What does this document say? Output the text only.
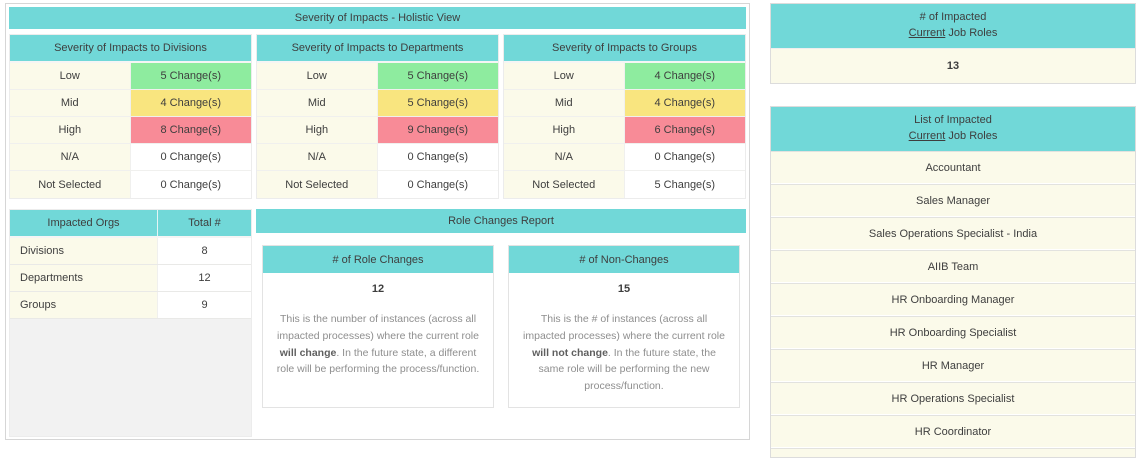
Severity of Impacts - Holistic View
Severity of Impacts to Divisions
Low	5 Change(s)
Mid	4 Change(s)
High	8 Change(s)
N/A	0 Change(s)
Not Selected	0 Change(s)
Severity of Impacts to Departments
Low	5 Change(s)
Mid	5 Change(s)
High	9 Change(s)
N/A	0 Change(s)
Not Selected	0 Change(s)
Severity of Impacts to Groups
Low	4 Change(s)
Mid	4 Change(s)
High	6 Change(s)
N/A	0 Change(s)
Not Selected	5 Change(s)
Impacted Orgs	Total #
Divisions	8
Departments	12
Groups	9
Role Changes Report
# of Role Changes
12
This is the number of instances (across all impacted processes) where the current role will change. In the future state, a different role will be performing the process/function.
# of Non-Changes
15
This is the # of instances (across all impacted processes) where the current role will not change. In the future state, the same role will be performing the new process/function.
# of Impacted
Current Job Roles
13
List of Impacted
Current Job Roles
Accountant
Sales Manager
Sales Operations Specialist - India
AIIB Team
HR Onboarding Manager
HR Onboarding Specialist
HR Manager
HR Operations Specialist
HR Coordinator
